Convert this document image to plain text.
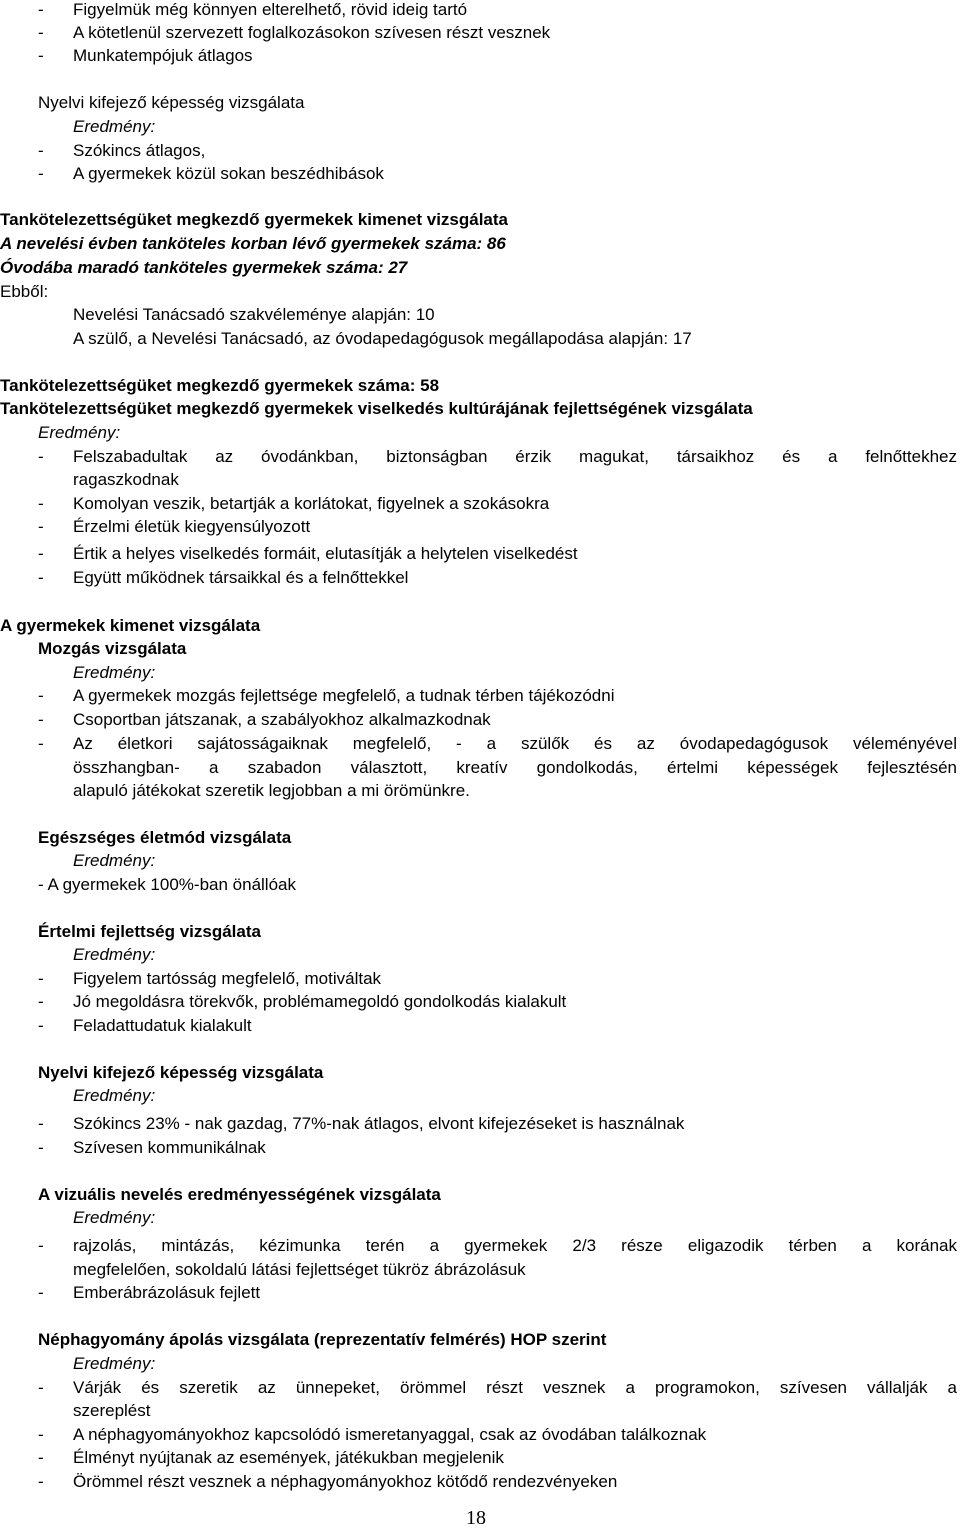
- Figyelmük még könnyen elterelhető, rövid ideig tartó
- A kötetlenül szervezett foglalkozásokon szívesen részt vesznek
- Munkatempójuk átlagos
Nyelvi kifejező képesség vizsgálata
Eredmény:
- Szókincs átlagos,
- A gyermekek közül sokan beszédhibások
Tankötelezettségüket megkezdő gyermekek kimenet vizsgálata
A nevelési évben tanköteles korban lévő gyermekek száma: 86
Óvodába maradó tanköteles gyermekek száma: 27
Ebből:
Nevelési Tanácsadó szakvéleménye alapján: 10
A szülő, a Nevelési Tanácsadó, az óvodapedagógusok megállapodása alapján: 17
Tankötelezettségüket megkezdő gyermekek száma: 58
Tankötelezettségüket megkezdő gyermekek viselkedés kultúrájának fejlettségének vizsgálata
Eredmény:
- Felszabadultak az óvodánkban, biztonságban érzik magukat, társaikhoz és a felnőttekhez
ragaszkodnak
- Komolyan veszik, betartják a korlátokat, figyelnek a szokásokra
- Érzelmi életük kiegyensúlyozott
- Értik a helyes viselkedés formáit, elutasítják a helytelen viselkedést
- Együtt működnek társaikkal és a felnőttekkel
A gyermekek kimenet vizsgálata
Mozgás vizsgálata
Eredmény:
- A gyermekek mozgás fejlettsége megfelelő, a tudnak térben tájékozódni
- Csoportban játszanak, a szabályokhoz alkalmazkodnak
- Az életkori sajátosságaiknak megfelelő, - a szülők és az óvodapedagógusok véleményével
összhangban- a szabadon választott, kreatív gondolkodás, értelmi képességek fejlesztésén
alapuló játékokat szeretik legjobban a mi örömünkre.
Egészséges életmód vizsgálata
Eredmény:
- A gyermekek 100%-ban önállóak
Értelmi fejlettség vizsgálata
Eredmény:
- Figyelem tartósság megfelelő, motiváltak
- Jó megoldásra törekvők, problémamegoldó gondolkodás kialakult
- Feladattudatuk kialakult
Nyelvi kifejező képesség vizsgálata
Eredmény:
- Szókincs 23% - nak gazdag, 77%-nak átlagos, elvont kifejezéseket is használnak
- Szívesen kommunikálnak
A vizuális nevelés eredményességének vizsgálata
Eredmény:
- rajzolás, mintázás, kézimunka terén a gyermekek 2/3 része eligazodik térben a korának
megfelelően, sokoldalú látási fejlettséget tükröz ábrázolásuk
- Emberábrázolásuk fejlett
Néphagyomány ápolás vizsgálata (reprezentatív felmérés) HOP szerint
Eredmény:
- Várják és szeretik az ünnepeket, örömmel részt vesznek a programokon, szívesen vállalják a
szereplést
- A néphagyományokhoz kapcsolódó ismeretanyaggal, csak az óvodában találkoznak
- Élményt nyújtanak az események, játékukban megjelenik
- Örömmel részt vesznek a néphagyományokhoz kötődő rendezvényeken
18
